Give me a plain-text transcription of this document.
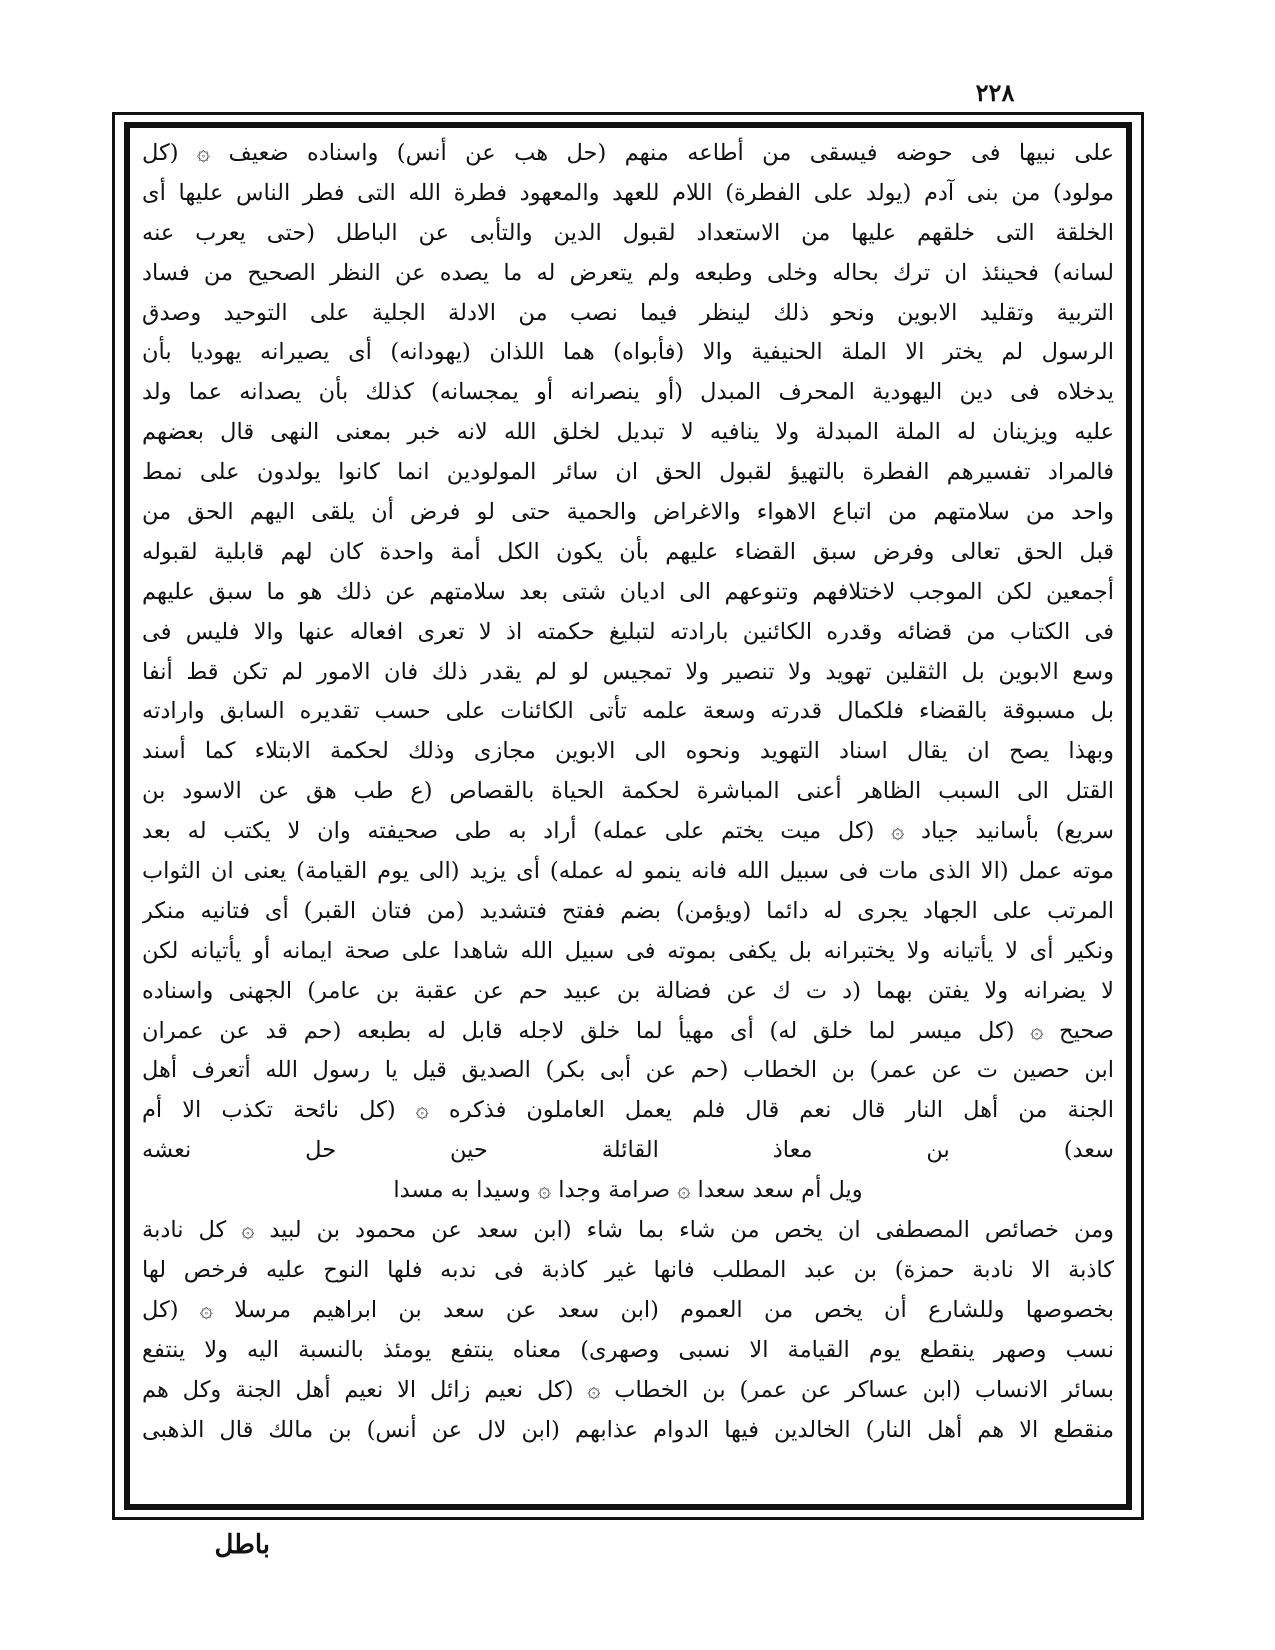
٢٢٨
على نبيها فى حوضه فيسقى من أطاعه منهم (حل هب عن أنس) واسناده ضعيف ۞ (كل
مولود) من بنى آدم (يولد على الفطرة) اللام للعهد والمعهود فطرة الله التى فطر الناس عليها أى
الخلقة التى خلقهم عليها من الاستعداد لقبول الدين والتأبى عن الباطل (حتى يعرب عنه
لسانه) فحينئذ ان ترك بحاله وخلى وطبعه ولم يتعرض له ما يصده عن النظر الصحيح من فساد
التربية وتقليد الابوين ونحو ذلك لينظر فيما نصب من الادلة الجلية على التوحيد وصدق
الرسول لم يختر الا الملة الحنيفية والا (فأبواه) هما اللذان (يهودانه) أى يصيرانه يهوديا بأن
يدخلاه فى دين اليهودية المحرف المبدل (أو ينصرانه أو يمجسانه) كذلك بأن يصدانه عما ولد
عليه ويزينان له الملة المبدلة ولا ينافيه لا تبديل لخلق الله لانه خبر بمعنى النهى قال بعضهم
فالمراد تفسيرهم الفطرة بالتهيؤ لقبول الحق ان سائر المولودين انما كانوا يولدون على نمط
واحد من سلامتهم من اتباع الاهواء والاغراض والحمية حتى لو فرض أن يلقى اليهم الحق من
قبل الحق تعالى وفرض سبق القضاء عليهم بأن يكون الكل أمة واحدة كان لهم قابلية لقبوله
أجمعين لكن الموجب لاختلافهم وتنوعهم الى اديان شتى بعد سلامتهم عن ذلك هو ما سبق عليهم
فى الكتاب من قضائه وقدره الكائنين بارادته لتبليغ حكمته اذ لا تعرى افعاله عنها والا فليس فى
وسع الابوين بل الثقلين تهويد ولا تنصير ولا تمجيس لو لم يقدر ذلك فان الامور لم تكن قط أنفا
بل مسبوقة بالقضاء فلكمال قدرته وسعة علمه تأتى الكائنات على حسب تقديره السابق وارادته
وبهذا يصح ان يقال اسناد التهويد ونحوه الى الابوين مجازى وذلك لحكمة الابتلاء كما أسند
القتل الى السبب الظاهر أعنى المباشرة لحكمة الحياة بالقصاص (ع طب هق عن الاسود بن
سريع) بأسانيد جياد ۞ (كل ميت يختم على عمله) أراد به طى صحيفته وان لا يكتب له بعد
موته عمل (الا الذى مات فى سبيل الله فانه ينمو له عمله) أى يزيد (الى يوم القيامة) يعنى ان الثواب
المرتب على الجهاد يجرى له دائما (ويؤمن) بضم ففتح فتشديد (من فتان القبر) أى فتانيه منكر
ونكير أى لا يأتيانه ولا يختبرانه بل يكفى بموته فى سبيل الله شاهدا على صحة ايمانه أو يأتيانه لكن
لا يضرانه ولا يفتن بهما (د ت ك عن فضالة بن عبيد حم عن عقبة بن عامر) الجهنى واسناده
صحيح ۞ (كل ميسر لما خلق له) أى مهيأ لما خلق لاجله قابل له بطبعه (حم قد عن عمران
ابن حصين ت عن عمر) بن الخطاب (حم عن أبى بكر) الصديق قيل يا رسول الله أتعرف أهل
الجنة من أهل النار قال نعم قال فلم يعمل العاملون فذكره ۞ (كل نائحة تكذب الا أم
سعد) بن معاذ القائلة حين حل نعشه
ويل أم سعد سعدا ۞ صرامة وجدا ۞ وسيدا به مسدا
ومن خصائص المصطفى ان يخص من شاء بما شاء (ابن سعد عن محمود بن لبيد ۞ كل نادبة
كاذبة الا نادبة حمزة) بن عبد المطلب فانها غير كاذبة فى ندبه فلها النوح عليه فرخص لها
بخصوصها وللشارع أن يخص من العموم (ابن سعد عن سعد بن ابراهيم مرسلا ۞ (كل
نسب وصهر ينقطع يوم القيامة الا نسبى وصهرى) معناه ينتفع يومئذ بالنسبة اليه ولا ينتفع
بسائر الانساب (ابن عساكر عن عمر) بن الخطاب ۞ (كل نعيم زائل الا نعيم أهل الجنة وكل هم
منقطع الا هم أهل النار) الخالدين فيها الدوام عذابهم (ابن لال عن أنس) بن مالك قال الذهبى
باطل
